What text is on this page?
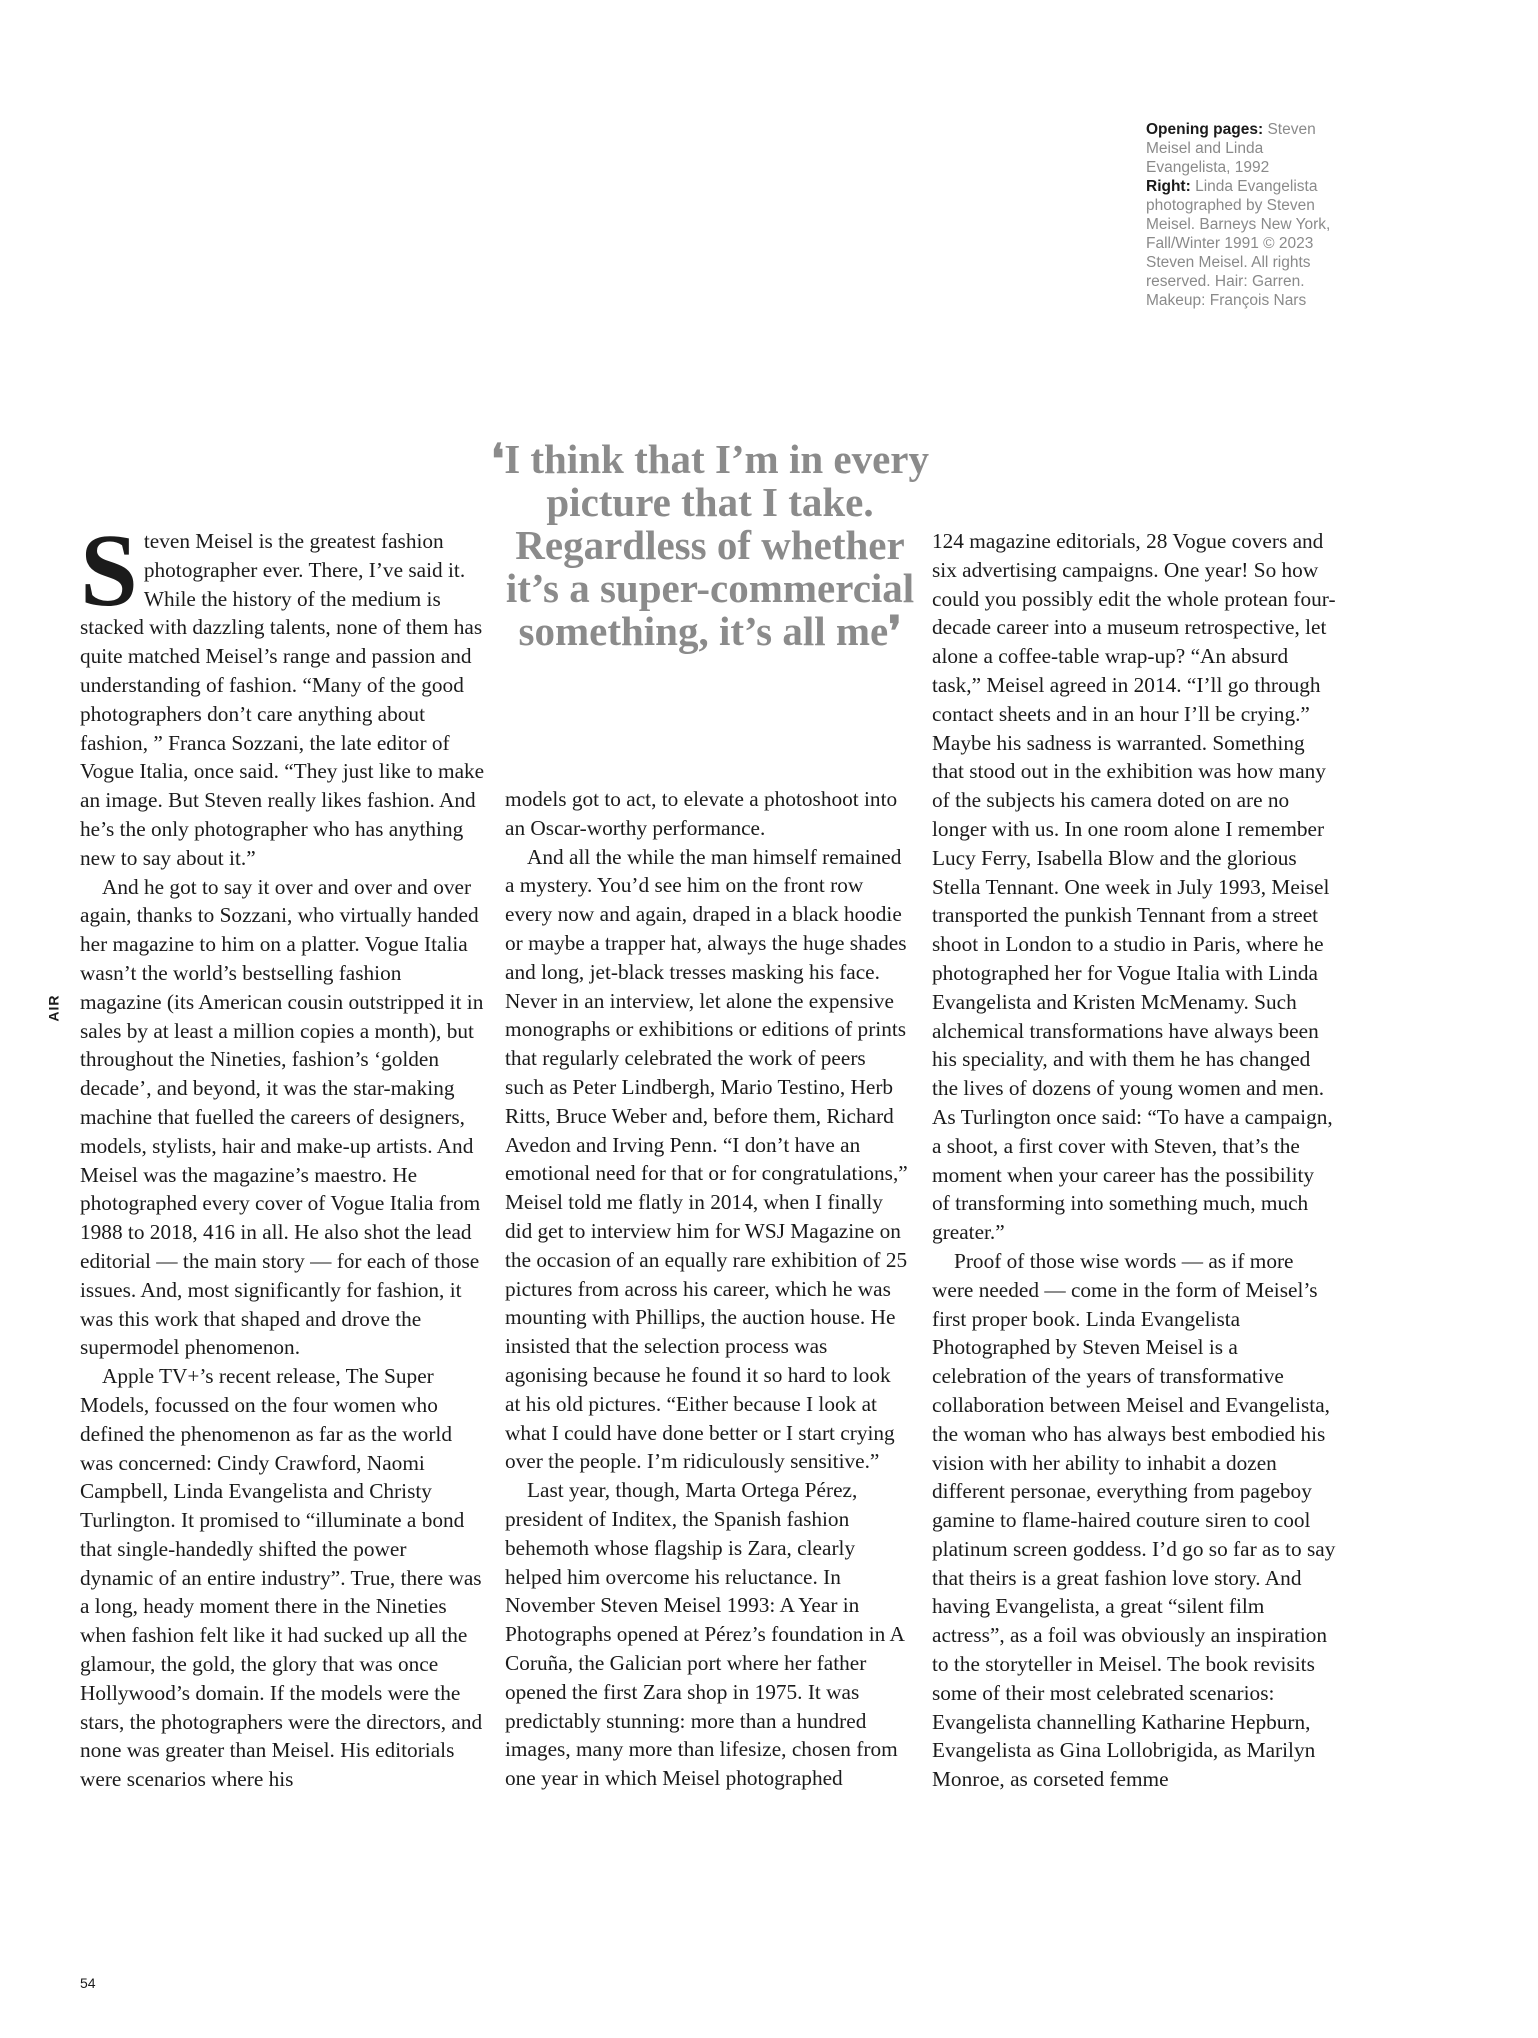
Opening pages: Steven Meisel and Linda Evangelista, 1992
Right: Linda Evangelista photographed by Steven Meisel. Barneys New York, Fall/Winter 1991 © 2023 Steven Meisel. All rights reserved. Hair: Garren. Makeup: François Nars
AIR
❛I think that I’m in every picture that I take. Regardless of whether it’s a super-commercial something, it’s all me❜

Steven Meisel is the greatest fashion photographer ever. There, I’ve said it. While the history of the medium is stacked with dazzling talents, none of them has quite matched Meisel’s range and passion and understanding of fashion. “Many of the good photographers don’t care anything about fashion, ” Franca Sozzani, the late editor of Vogue Italia, once said. “They just like to make an image. But Steven really likes fashion. And he’s the only photographer who has anything new to say about it.”

And he got to say it over and over and over again, thanks to Sozzani, who virtually handed her magazine to him on a platter. Vogue Italia wasn’t the world’s bestselling fashion magazine (its American cousin outstripped it in sales by at least a million copies a month), but throughout the Nineties, fashion’s ‘golden decade’, and beyond, it was the star-making machine that fuelled the careers of designers, models, stylists, hair and make-up artists. And Meisel was the magazine’s maestro. He photographed every cover of Vogue Italia from 1988 to 2018, 416 in all. He also shot the lead editorial — the main story — for each of those issues. And, most significantly for fashion, it was this work that shaped and drove the supermodel phenomenon.

Apple TV+’s recent release, The Super Models, focussed on the four women who defined the phenomenon as far as the world was concerned: Cindy Crawford, Naomi Campbell, Linda Evangelista and Christy Turlington. It promised to “illuminate a bond that single-handedly shifted the power dynamic of an entire industry”. True, there was a long, heady moment there in the Nineties when fashion felt like it had sucked up all the glamour, the gold, the glory that was once Hollywood’s domain. If the models were the stars, the photographers were the directors, and none was greater than Meisel. His editorials were scenarios where his

models got to act, to elevate a photoshoot into an Oscar-worthy performance.

And all the while the man himself remained a mystery. You’d see him on the front row every now and again, draped in a black hoodie or maybe a trapper hat, always the huge shades and long, jet-black tresses masking his face. Never in an interview, let alone the expensive monographs or exhibitions or editions of prints that regularly celebrated the work of peers such as Peter Lindbergh, Mario Testino, Herb Ritts, Bruce Weber and, before them, Richard Avedon and Irving Penn. “I don’t have an emotional need for that or for congratulations,” Meisel told me flatly in 2014, when I finally did get to interview him for WSJ Magazine on the occasion of an equally rare exhibition of 25 pictures from across his career, which he was mounting with Phillips, the auction house. He insisted that the selection process was agonising because he found it so hard to look at his old pictures. “Either because I look at what I could have done better or I start crying over the people. I’m ridiculously sensitive.”

Last year, though, Marta Ortega Pérez, president of Inditex, the Spanish fashion behemoth whose flagship is Zara, clearly helped him overcome his reluctance. In November Steven Meisel 1993: A Year in Photographs opened at Pérez’s foundation in A Coruña, the Galician port where her father opened the first Zara shop in 1975. It was predictably stunning: more than a hundred images, many more than lifesize, chosen from one year in which Meisel photographed

124 magazine editorials, 28 Vogue covers and six advertising campaigns. One year! So how could you possibly edit the whole protean four-decade career into a museum retrospective, let alone a coffee-table wrap-up? “An absurd task,” Meisel agreed in 2014. “I’ll go through contact sheets and in an hour I’ll be crying.” Maybe his sadness is warranted. Something that stood out in the exhibition was how many of the subjects his camera doted on are no longer with us. In one room alone I remember Lucy Ferry, Isabella Blow and the glorious Stella Tennant. One week in July 1993, Meisel transported the punkish Tennant from a street shoot in London to a studio in Paris, where he photographed her for Vogue Italia with Linda Evangelista and Kristen McMenamy. Such alchemical transformations have always been his speciality, and with them he has changed the lives of dozens of young women and men. As Turlington once said: “To have a campaign, a shoot, a first cover with Steven, that’s the moment when your career has the possibility of transforming into something much, much greater.”

Proof of those wise words — as if more were needed — come in the form of Meisel’s first proper book. Linda Evangelista Photographed by Steven Meisel is a celebration of the years of transformative collaboration between Meisel and Evangelista, the woman who has always best embodied his vision with her ability to inhabit a dozen different personae, everything from pageboy gamine to flame-haired couture siren to cool platinum screen goddess. I’d go so far as to say that theirs is a great fashion love story. And having Evangelista, a great “silent film actress”, as a foil was obviously an inspiration to the storyteller in Meisel. The book revisits some of their most celebrated scenarios: Evangelista channelling Katharine Hepburn, Evangelista as Gina Lollobrigida, as Marilyn Monroe, as corseted femme

54
